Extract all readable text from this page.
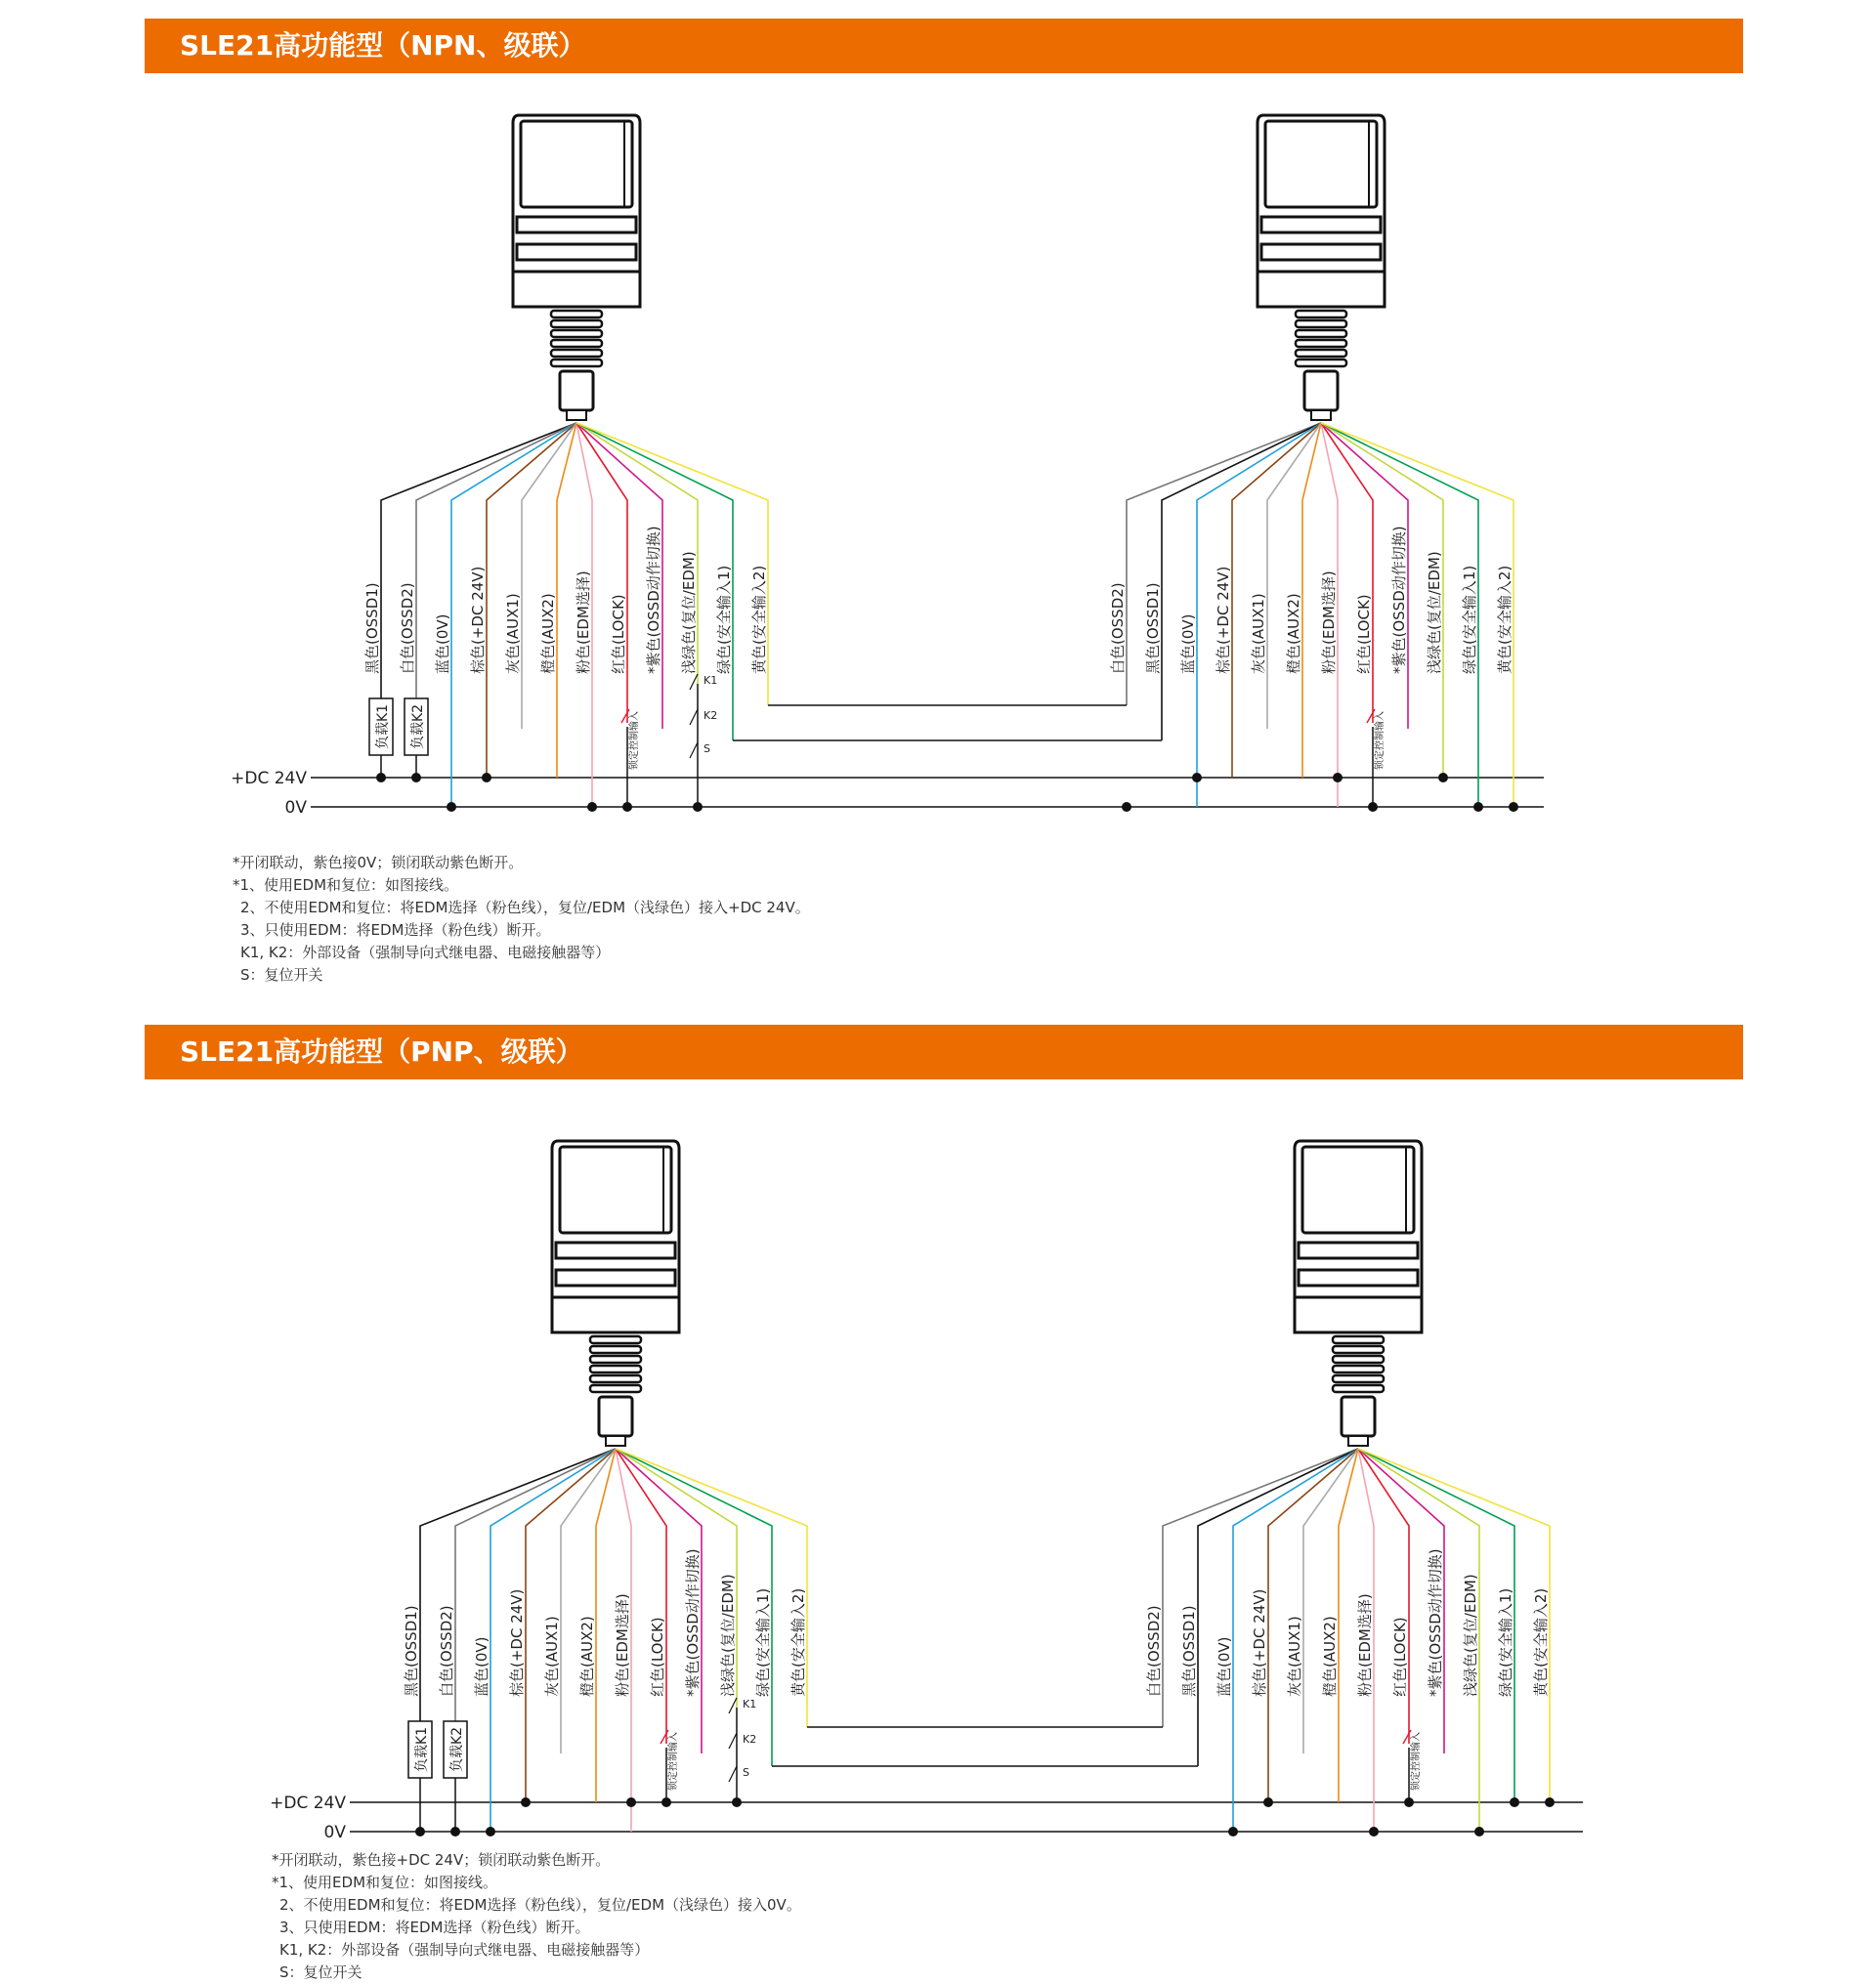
SLE21高功能型（NPN、级联）
+DC 24V
0V
黑色(OSSD1) 白色(OSSD2) 蓝色(0V) 棕色(+DC 24V) 灰色(AUX1) 橙色(AUX2) 粉色(EDM选择) 红色(LOCK) *紫色(OSSD动作切换) 浅绿色(复位/EDM) 绿色(安全输入1) 黄色(安全输入2)	白色(OSSD2) 黑色(OSSD1) 蓝色(0V) 棕色(+DC 24V) 灰色(AUX1) 橙色(AUX2) 粉色(EDM选择) 红色(LOCK) *紫色(OSSD动作切换) 浅绿色(复位/EDM) 绿色(安全输入1) 黄色(安全输入2)
负载K1 负载K2	锁定控制输入	锁定控制输入
K1
K2
S
*开闭联动，紫色接0V；锁闭联动紫色断开。
*1、使用EDM和复位：如图接线。
2、不使用EDM和复位：将EDM选择（粉色线），复位/EDM（浅绿色）接入+DC 24V。
3、只使用EDM：将EDM选择（粉色线）断开。
K1, K2：外部设备（强制导向式继电器、电磁接触器等）
S：复位开关
SLE21高功能型（PNP、级联）
+DC 24V
0V
黑色(OSSD1) 白色(OSSD2) 蓝色(0V) 棕色(+DC 24V) 灰色(AUX1) 橙色(AUX2) 粉色(EDM选择) 红色(LOCK) *紫色(OSSD动作切换) 浅绿色(复位/EDM) 绿色(安全输入1) 黄色(安全输入2)	白色(OSSD2) 黑色(OSSD1) 蓝色(0V) 棕色(+DC 24V) 灰色(AUX1) 橙色(AUX2) 粉色(EDM选择) 红色(LOCK) *紫色(OSSD动作切换) 浅绿色(复位/EDM) 绿色(安全输入1) 黄色(安全输入2)
负载K1 负载K2	锁定控制输入	锁定控制输入
K1
K2
S
*开闭联动，紫色接+DC 24V；锁闭联动紫色断开。
*1、使用EDM和复位：如图接线。
2、不使用EDM和复位：将EDM选择（粉色线），复位/EDM（浅绿色）接入0V。
3、只使用EDM：将EDM选择（粉色线）断开。
K1, K2：外部设备（强制导向式继电器、电磁接触器等）
S：复位开关
